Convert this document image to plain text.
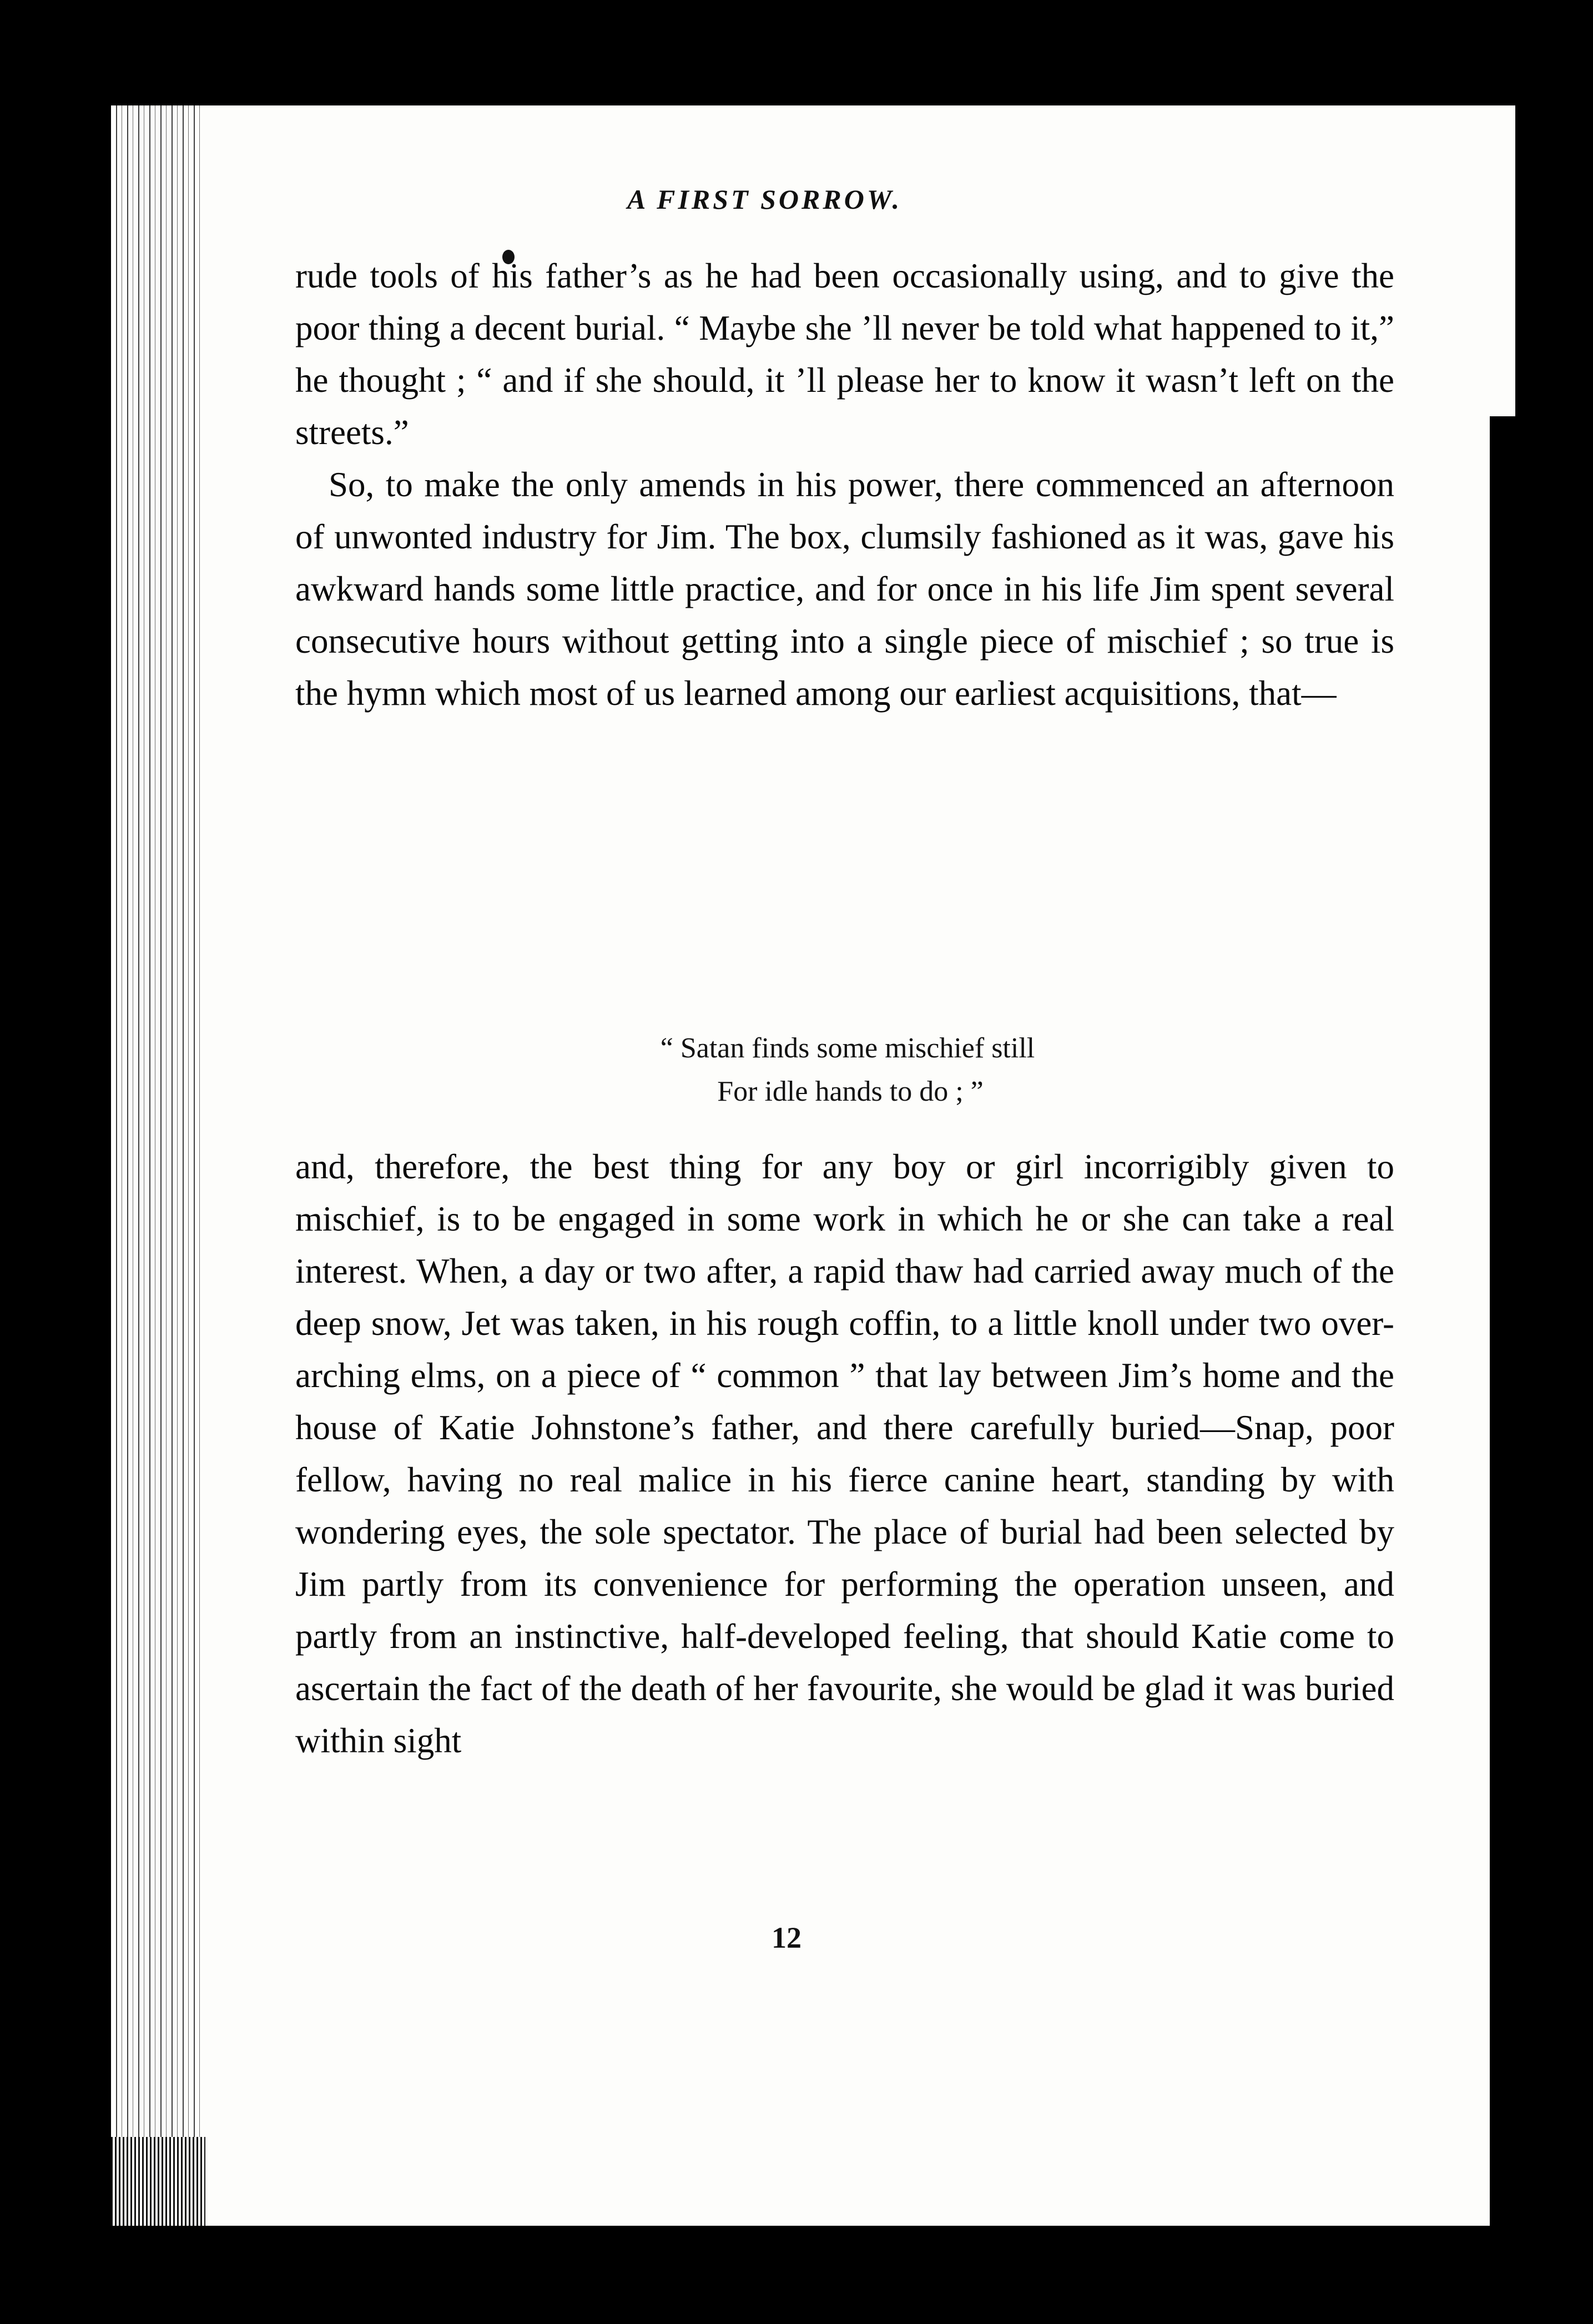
A FIRST SORROW.

rude tools of his father’s as he had been occasionally using, and to give the poor thing a decent burial. “ Maybe she ’ll never be told what happened to it,” he thought ; “ and if she should, it ’ll please her to know it wasn’t left on the streets.”

So, to make the only amends in his power, there commenced an afternoon of unwonted industry for Jim. The box, clumsily fashioned as it was, gave his awkward hands some little practice, and for once in his life Jim spent several consecutive hours without getting into a single piece of mischief ; so true is the hymn which most of us learned among our earliest acquisitions, that—

“ Satan finds some mischief still
For idle hands to do ; ”

and, therefore, the best thing for any boy or girl incorrigibly given to mischief, is to be engaged in some work in which he or she can take a real interest. When, a day or two after, a rapid thaw had carried away much of the deep snow, Jet was taken, in his rough coffin, to a little knoll under two over-arching elms, on a piece of “ common ” that lay between Jim’s home and the house of Katie Johnstone’s father, and there carefully buried—Snap, poor fellow, having no real malice in his fierce canine heart, standing by with wondering eyes, the sole spectator. The place of burial had been selected by Jim partly from its convenience for performing the operation unseen, and partly from an instinctive, half-developed feeling, that should Katie come to ascertain the fact of the death of her favourite, she would be glad it was buried within sight

12
